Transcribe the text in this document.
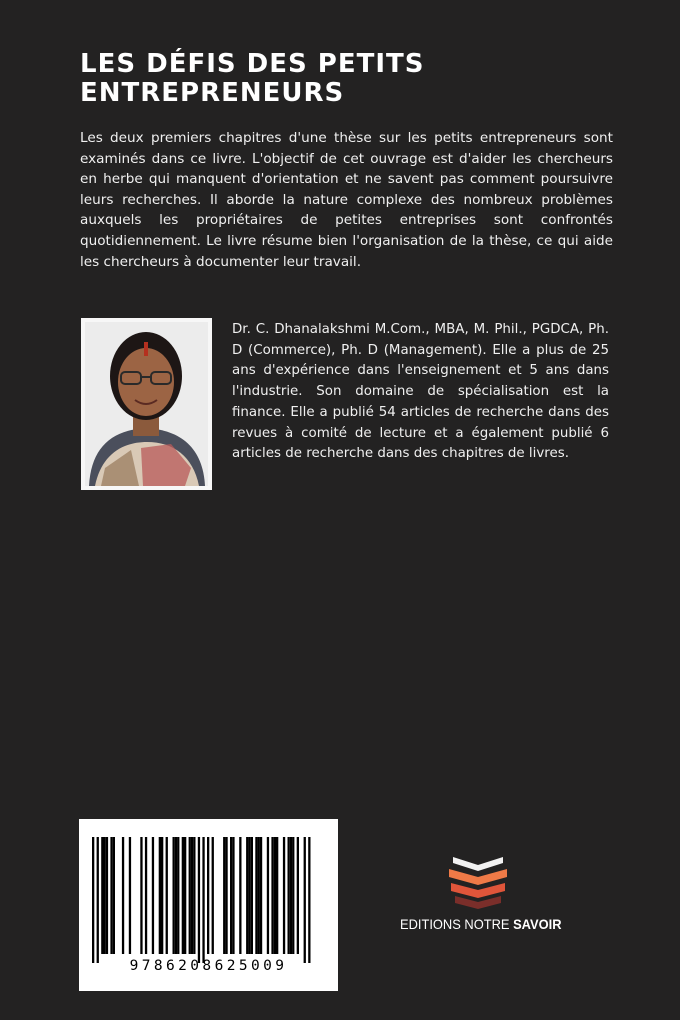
LES DÉFIS DES PETITS
ENTREPRENEURS

Les deux premiers chapitres d'une thèse sur les petits entrepreneurs sont examinés dans ce livre. L'objectif de cet ouvrage est d'aider les chercheurs en herbe qui manquent d'orientation et ne savent pas comment poursuivre leurs recherches. Il aborde la nature complexe des nombreux problèmes auxquels les propriétaires de petites entreprises sont confrontés quotidiennement. Le livre résume bien l'organisation de la thèse, ce qui aide les chercheurs à documenter leur travail.

Dr. C. Dhanalakshmi M.Com., MBA, M. Phil., PGDCA, Ph. D (Commerce), Ph. D (Management). Elle a plus de 25 ans d'expérience dans l'enseignement et 5 ans dans l'industrie. Son domaine de spécialisation est la finance. Elle a publié 54 articles de recherche dans des revues à comité de lecture et a également publié 6 articles de recherche dans des chapitres de livres.

9786208625009
EDITIONS NOTRE SAVOIR
